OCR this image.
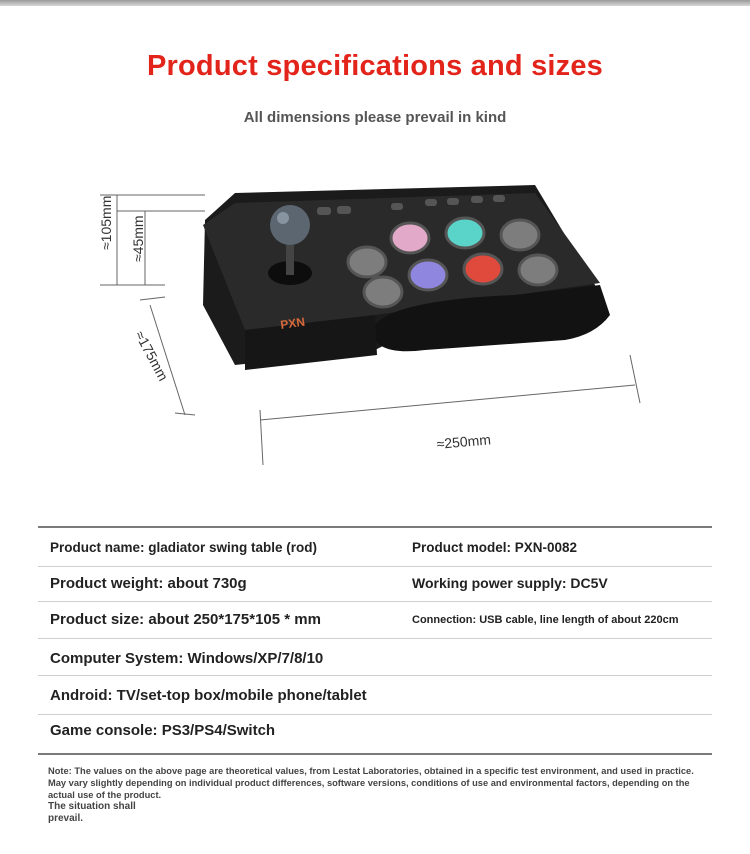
Product specifications and sizes
All dimensions please prevail in kind
PXN
≈105mm ≈45mm
≈175mm
≈250mm
Product name: gladiator swing table (rod)	Product model: PXN-0082
Product weight: about 730g	Working power supply: DC5V
Product size: about 250*175*105 * mm	Connection: USB cable, line length of about 220cm
Computer System: Windows/XP/7/8/10
Android: TV/set-top box/mobile phone/tablet
Game console: PS3/PS4/Switch

Note: The values on the above page are theoretical values, from Lestat Laboratories, obtained in a specific test environment, and used in practice.

May vary slightly depending on individual product differences, software versions, conditions of use and environmental factors, depending on the actual use of the product.

The situation shall prevail.
